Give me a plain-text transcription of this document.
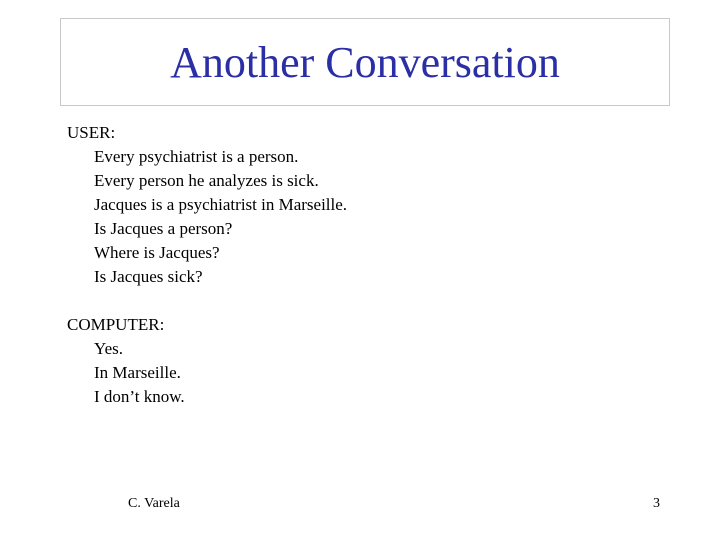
Another Conversation
USER:
Every psychiatrist is a person.
Every person he analyzes is sick.
Jacques is a psychiatrist in Marseille.
Is Jacques a person?
Where is Jacques?
Is Jacques sick?
COMPUTER:
Yes.
In Marseille.
I don’t know.
C. Varela	3
